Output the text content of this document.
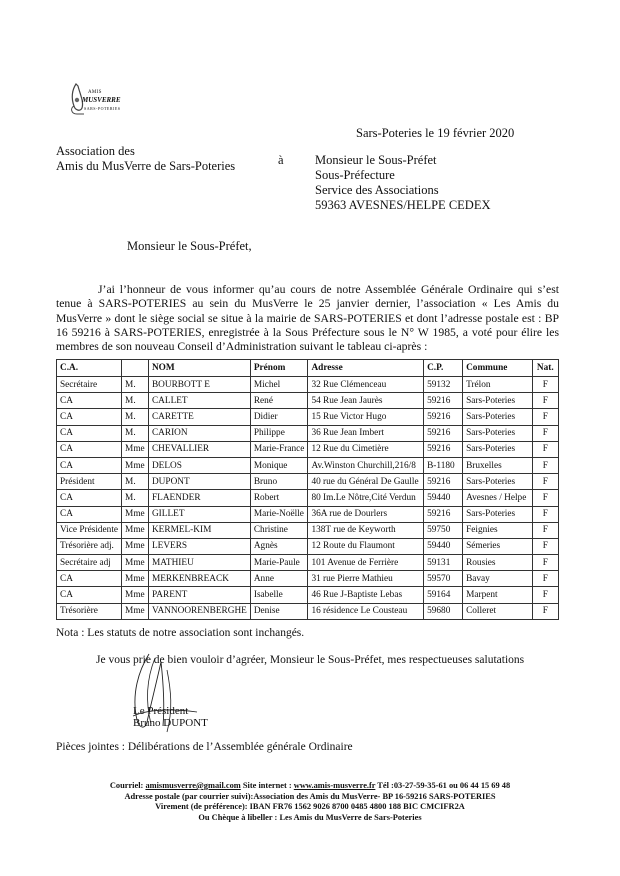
AMIS
MUSVERRE
SARS-POTERIES
Sars-Poteries le 19 février 2020
Association des
Amis du MusVerre de Sars-Poteries	à	Monsieur le Sous-Préfet
Sous-Préfecture
Service des Associations
59363 AVESNES/HELPE CEDEX
Monsieur le Sous-Préfet,
J’ai l’honneur de vous informer qu’au cours de notre Assemblée Générale Ordinaire qui s’est tenue à SARS-POTERIES au sein du MusVerre le 25 janvier dernier, l’association « Les Amis du MusVerre » dont le siège social se situe à la mairie de SARS-POTERIES et dont l’adresse postale est : BP 16 59216 à SARS-POTERIES, enregistrée à la Sous Préfecture sous le N° W 1985, a voté pour élire les membres de son nouveau Conseil d’Administration suivant le tableau ci-après :
C.A.		NOM	Prénom	Adresse	C.P.	Commune	Nat.
Secrétaire	M.	BOURBOTT E	Michel	32 Rue Clémenceau	59132	Trélon	F
CA	M.	CALLET	René	54 Rue Jean Jaurès	59216	Sars-Poteries	F
CA	M.	CARETTE	Didier	15 Rue Victor Hugo	59216	Sars-Poteries	F
CA	M.	CARION	Philippe	36 Rue Jean Imbert	59216	Sars-Poteries	F
CA	Mme	CHEVALLIER	Marie-France	12 Rue du Cimetière	59216	Sars-Poteries	F
CA	Mme	DELOS	Monique	Av.Winston Churchill,216/8	B-1180	Bruxelles	F
Président	M.	DUPONT	Bruno	40 rue du Général De Gaulle	59216	Sars-Poteries	F
CA	M.	FLAENDER	Robert	80 Im.Le Nôtre,Cité Verdun	59440	Avesnes / Helpe	F
CA	Mme	GILLET	Marie-Noëlle	36A rue de Dourlers	59216	Sars-Poteries	F
Vice Présidente	Mme	KERMEL-KIM	Christine	138T rue de Keyworth	59750	Feignies	F
Trésorière adj.	Mme	LEVERS	Agnès	12 Route du Flaumont	59440	Sémeries	F
Secrétaire adj	Mme	MATHIEU	Marie-Paule	101 Avenue de Ferrière	59131	Rousies	F
CA	Mme	MERKENBREACK	Anne	31 rue Pierre Mathieu	59570	Bavay	F
CA	Mme	PARENT	Isabelle	46 Rue J-Baptiste Lebas	59164	Marpent	F
Trésorière	Mme	VANNOORENBERGHE	Denise	16 résidence Le Cousteau	59680	Colleret	F
Nota : Les statuts de notre association sont inchangés.
Je vous prie de bien vouloir d’agréer, Monsieur le Sous-Préfet, mes respectueuses salutations
Le Président
Bruno DUPONT
Pièces jointes : Délibérations de l’Assemblée générale Ordinaire
Courriel: amismusverre@gmail.com Site internet : www.amis-musverre.fr Tél :03-27-59-35-61 ou 06 44 15 69 48
Adresse postale (par courrier suivi):Association des Amis du MusVerre- BP 16-59216 SARS-POTERIES
Virement (de préférence): IBAN FR76 1562 9026 8700 0485 4800 188 BIC CMCIFR2A
Ou Chèque à libeller : Les Amis du MusVerre de Sars-Poteries
